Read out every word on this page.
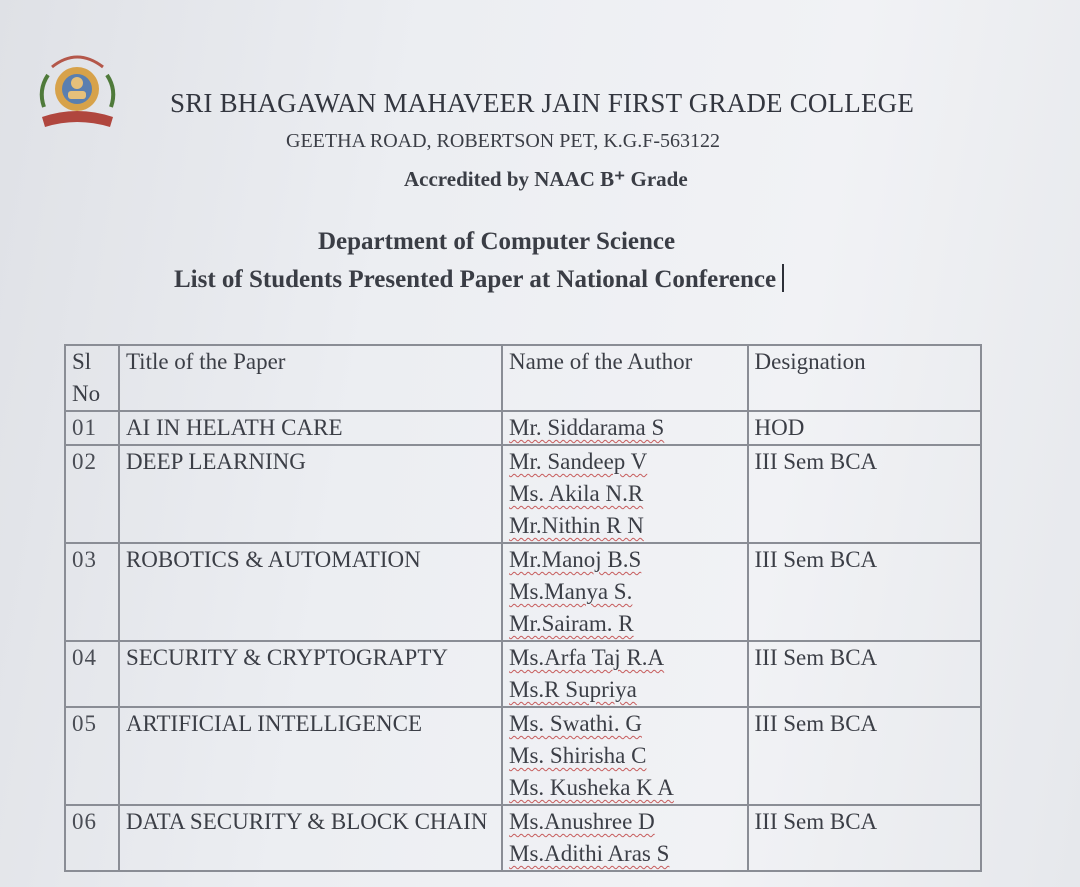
SRI BHAGAWAN MAHAVEER JAIN FIRST GRADE COLLEGE
GEETHA ROAD, ROBERTSON PET, K.G.F-563122
Accredited by NAAC B⁺ Grade
Department of Computer Science
List of Students Presented Paper at National Conference
Sl No	Title of the Paper	Name of the Author	Designation
01	AI IN HELATH CARE	Mr. Siddarama S	HOD
02	DEEP LEARNING	Mr. Sandeep V
Ms. Akila N.R
Mr.Nithin R N	III Sem BCA
03	ROBOTICS & AUTOMATION	Mr.Manoj B.S
Ms.Manya S.
Mr.Sairam. R	III Sem BCA
04	SECURITY & CRYPTOGRAPTY	Ms.Arfa Taj R.A
Ms.R Supriya	III Sem BCA
05	ARTIFICIAL INTELLIGENCE	Ms. Swathi. G
Ms. Shirisha C
Ms. Kusheka K A	III Sem BCA
06	DATA SECURITY & BLOCK CHAIN	Ms.Anushree D
Ms.Adithi Aras S	III Sem BCA
